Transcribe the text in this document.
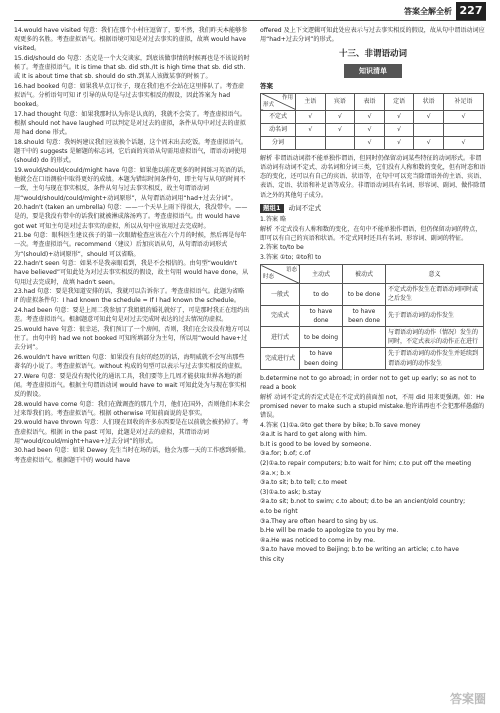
答案全解全析 227
14.would have visited 句意：我们在那个小村庄逗留了，要不然，我们昨天本能够参观更多的名胜。考查虚拟语气。根据语境可知是对过去事实的虚拟，故填 would have visited。
15.did/should do 句意：杰克是一个大交谈家，到底该做事情的时候再也是不该说的时候了。考查虚拟语气。It is time that sb. did sth./It is high time that sb. did sth. 或 It is about time that sb. should do sth.到某人该做某事的时候了。
16.had booked 句意：如果我早点订位子，现在我们也不会站在这里排队了。考查虚拟语气。分析语句可知 if 引导的从句是与过去事实相反的假设，因此答案为 had booked。
17.had thought 句意：如果我那时认为你是认真的，我就不会笑了。考查虚拟语气。根据 should not have laughed 可以判定是对过去的虚拟，条件从句中对过去的虚拟用 had done 形式。
18.should 句意：我妈妈建议我们应该换个话题，这个周末出去吃饭。考查虚拟语气。题干中的 suggests 是解题的标志词，它后面的宾语从句需用虚拟语气，谓语动词使用(should) do 的形式。
19.would/should/could/might have 句意：如果他以前花更多的时间练习英语的话，他就会在口语测验中取得更好的成绩。本题为错综时间条件句，即主句与从句的时间不一致，主句与现在事实相反，条件从句与过去事实相反，故主句谓语动词用“would/should/could/might+动词原形”，从句谓语动词用“had+过去分词”。
20.hadn't (taken an umbrella) 句意：——一个天早上雨下得很大，我没带伞。——是的，要是我没有带伞的话我们就被淋成落汤鸡了。考查虚拟语气。由 would have got wet 可知主句是对过去事实的虚拟，所以从句中应该用过去完成时。
21.be 句意：眼科医生建议孩子的第一次眼睛检查应该在六个月的时候，然后再是每年一次。考查虚拟语气。recommend（建议）后加宾语从句，从句谓语动词形式为“(should)+动词原形”，should 可以省略。
22.hadn't seen 句意：如果不是我亲眼看到，我是不会相信的。由句型“wouldn't have believed”可知此处为对过去事实相反的假设，故主句用 would have done，从句用过去完成时，故填 hadn't seen。
23.had 句意：要是我知道安排的话，我就可以告诉你了。考查虚拟语气。此题为省略 if 的虚拟条件句：I had known the schedule = If I had known the schedule。
24.had been 句意：要是上周二我参加了我姐姐的婚礼就好了，可是那时我正在纽约出差。考查虚拟语气。根据题意可知此句是对过去完成时表达的过去情况的虚拟。
25.would have 句意：很幸运，我们预订了一个房间，否则，我们在会议没有地方可以住了。由句中的 had we not booked 可知所填部分为主句，所以用“would have+过去分词”。
26.wouldn't have written 句意：如果没有良好的经历的话，海明威就不会写出那些著名的小说了。考查虚拟语气。without 构成的句型可以表示与过去事实相反的虚拟。
27.Were 句意：要是没有现代化的通讯工具，我们要等上几周才能获取世界各地的新闻。考查虚拟语气。根据主句谓语动词 would have to wait 可知此处为与现在事实相反的假设。
28.would have come 句意：我们在做调查的那几个月，他们在国外，否则他们本来会过来帮我们的。考查虚拟语气。根据 otherwise 可知前面说的是事实。
29.would have thrown 句意：人们现在回收的许多东西要是在以前就会被扔掉了。考查虚拟语气。根据 in the past 可知，此题是对过去的虚拟，其谓语动词用“would/could/might+have+过去分词”的形式。
30.had been 句意：如果 Dewey 先生当时在场的话，他会为那一天的工作感到骄傲。考查虚拟语气。根据题干中的 would have
offered 及上下文逻辑可知此处应表示与过去事实相反的假设，故从句中谓语动词应用“had+过去分词”的形式。
十三、非谓语动词
知识清单
答案
作用

形式	主语	宾语	表语	定语	状语	补足语
不定式	√	√	√	√	√	√
动名词	√	√	√	√		
分词			√	√	√	√
解析 非谓语动词指不能单独作谓语，但同时仍保留动词某些特征的动词形式。非谓语动词有动词不定式、动名词和分词三类，它们没有人称和数的变化，但有时态和语态的变化，还可以有自己的宾语、状语等，在句中可以充当除谓语外的主语、宾语、表语、定语、状语和补足语等成分。非谓语动词具有名词、形容词、副词、做作除谓语之外的其他句子成分。
题组1 动词不定式
1.答案 略
解析 不定式没有人称和数的变化，在句中不能单独作谓语，但仍保留动词的特点，即可以有自己的宾语和状语。不定式同时还具有名词、形容词、副词的特征。
2.答案 to/to be
3.答案 ①to; ②to和 to
语态

时态	主动式	被动式	意义
一般式	to do	to be done	不定式动作发生在谓语动词同时或之后发生
完成式	to have done	to have been done	先于谓语动词的动作发生
进行式	to be doing		与谓语动词的动作（情况）发生的同时，不定式表示的动作正在进行
完成进行式	to have been doing		先于谓语动词的动作发生并延续到谓语动词的动作发生
b.determine not to go abroad; in order not to get up early; so as not to read a book
解析 动词不定式的否定式是在不定式的前面加 not，不用 did 用来更强调。如：He promised never to make such a stupid mistake.他许诺再也不会犯那样愚蠢的错误。
4.答案 (1)①a.②to get there by bike; b.To save money
②a.It is hard to get along with him.
b.It is good to be loved by someone.
③a.for; b.of; c.of
(2)①a.to repair computers; b.to wait for him; c.to put off the meeting
②a.×; b.×
③a.to sit; b.to tell; c.to meet
(3)①a.to ask; b.stay
②a.to sit; b.not to swim; c.to about; d.to be an ancient/old country;
e.to be right
③a.They are often heard to sing by us.
b.He will be made to apologize to you by me.
④a.He was noticed to come in by me.
⑤a.to have moved to Beijing; b.to be writing an article; c.to have
this city
答案圈
